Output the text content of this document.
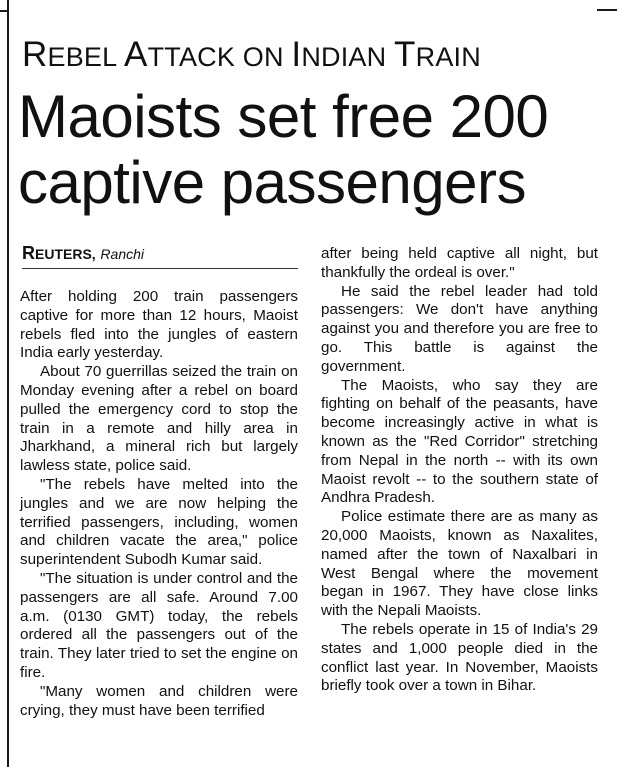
REBEL ATTACK ON INDIAN TRAIN
Maoists set free 200
captive passengers
REUTERS, Ranchi

After holding 200 train passengers captive for more than 12 hours, Maoist rebels fled into the jungles of eastern India early yesterday.

About 70 guerrillas seized the train on Monday evening after a rebel on board pulled the emergency cord to stop the train in a remote and hilly area in Jharkhand, a mineral rich but largely lawless state, police said.

"The rebels have melted into the jungles and we are now helping the terrified passengers, including, women and children vacate the area," police superintendent Subodh Kumar said.

"The situation is under control and the passengers are all safe. Around 7.00 a.m. (0130 GMT) today, the rebels ordered all the passengers out of the train. They later tried to set the engine on fire.

"Many women and children were crying, they must have been terrified

after being held captive all night, but thankfully the ordeal is over."

He said the rebel leader had told passengers: We don't have anything against you and therefore you are free to go. This battle is against the government.

The Maoists, who say they are fighting on behalf of the peasants, have become increasingly active in what is known as the "Red Corridor" stretching from Nepal in the north -- with its own Maoist revolt -- to the southern state of Andhra Pradesh.

Police estimate there are as many as 20,000 Maoists, known as Naxalites, named after the town of Naxalbari in West Bengal where the movement began in 1967. They have close links with the Nepali Maoists.

The rebels operate in 15 of India's 29 states and 1,000 people died in the conflict last year. In November, Maoists briefly took over a town in Bihar.
